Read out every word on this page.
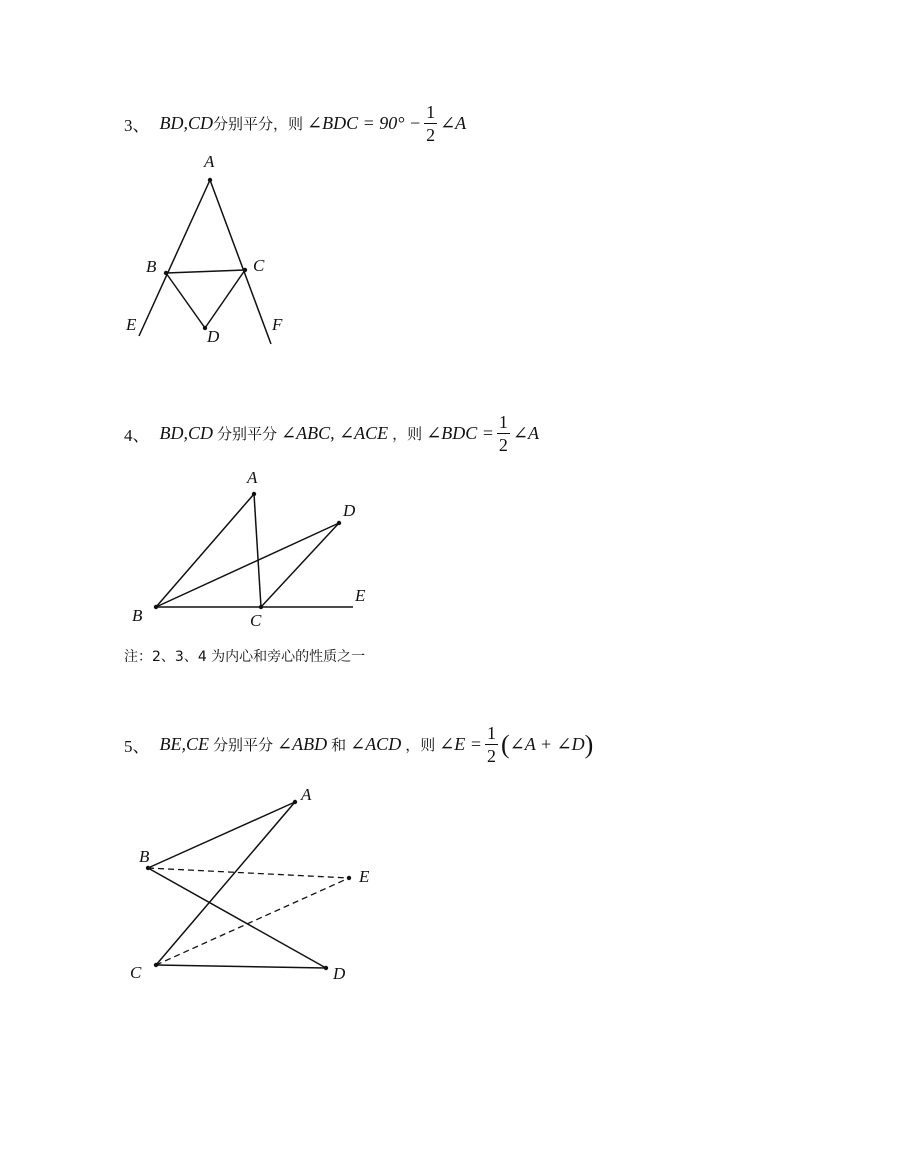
3、 BD,CD 分别平分，则 ∠BDC = $90^\circ - \frac{1}{2}$ ∠A
A
B	C
D
E	F
4、 BD,CD 分别平分 ∠ABC, ∠ACE ，则 ∠BDC = $\frac{1}{2}$ ∠A
A
B	C
D
E
注：2、3、4 为内心和旁心的性质之一
5、 BE,CE 分别平分 ∠ABD 和 ∠ACD ，则 ∠E = $\frac{1}{2}$ ( ∠A + ∠D )
A
B
C	D
E
